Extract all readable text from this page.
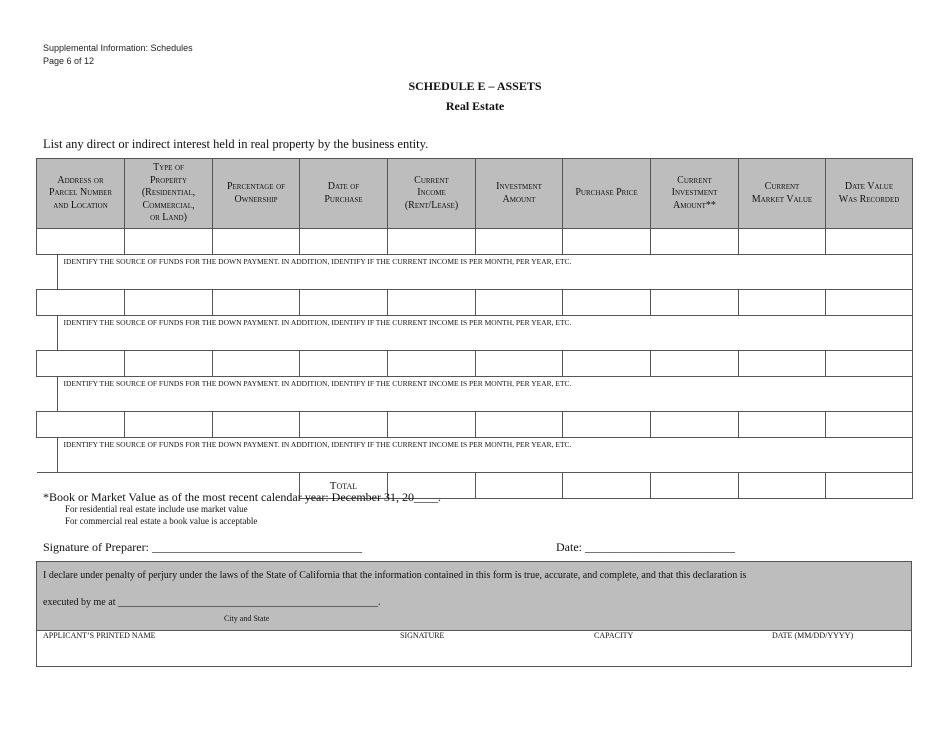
Supplemental Information: Schedules
Page 6 of 12
SCHEDULE E – ASSETS
Real Estate
List any direct or indirect interest held in real property by the business entity.
Address or
Parcel Number
and Location	Type of
Property
(Residential,
Commercial,
or Land)	Percentage of
Ownership	Date of
Purchase	Current
Income
(Rent/Lease)	Investment
Amount	Purchase Price	Current
Investment
Amount**	Current
Market Value	Date Value
Was Recorded

IDENTIFY THE SOURCE OF FUNDS FOR THE DOWN PAYMENT. IN ADDITION, IDENTIFY IF THE CURRENT INCOME IS PER MONTH, PER YEAR, ETC.									

IDENTIFY THE SOURCE OF FUNDS FOR THE DOWN PAYMENT. IN ADDITION, IDENTIFY IF THE CURRENT INCOME IS PER MONTH, PER YEAR, ETC.									

IDENTIFY THE SOURCE OF FUNDS FOR THE DOWN PAYMENT. IN ADDITION, IDENTIFY IF THE CURRENT INCOME IS PER MONTH, PER YEAR, ETC.									

IDENTIFY THE SOURCE OF FUNDS FOR THE DOWN PAYMENT. IN ADDITION, IDENTIFY IF THE CURRENT INCOME IS PER MONTH, PER YEAR, ETC.									
			Total						
*Book or Market Value as of the most recent calendar year: December 31, 20____.
For residential real estate include use market value
For commercial real estate a book value is acceptable
Signature of Preparer: ___________________________________	Date: _________________________
I declare under penalty of perjury under the laws of the State of California that the information contained in this form is true, accurate, and complete, and that this declaration is
executed by me at ____________________________________________________.
City and State
APPLICANT’S PRINTED NAME	SIGNATURE	CAPACITY	DATE (MM/DD/YYYY)
